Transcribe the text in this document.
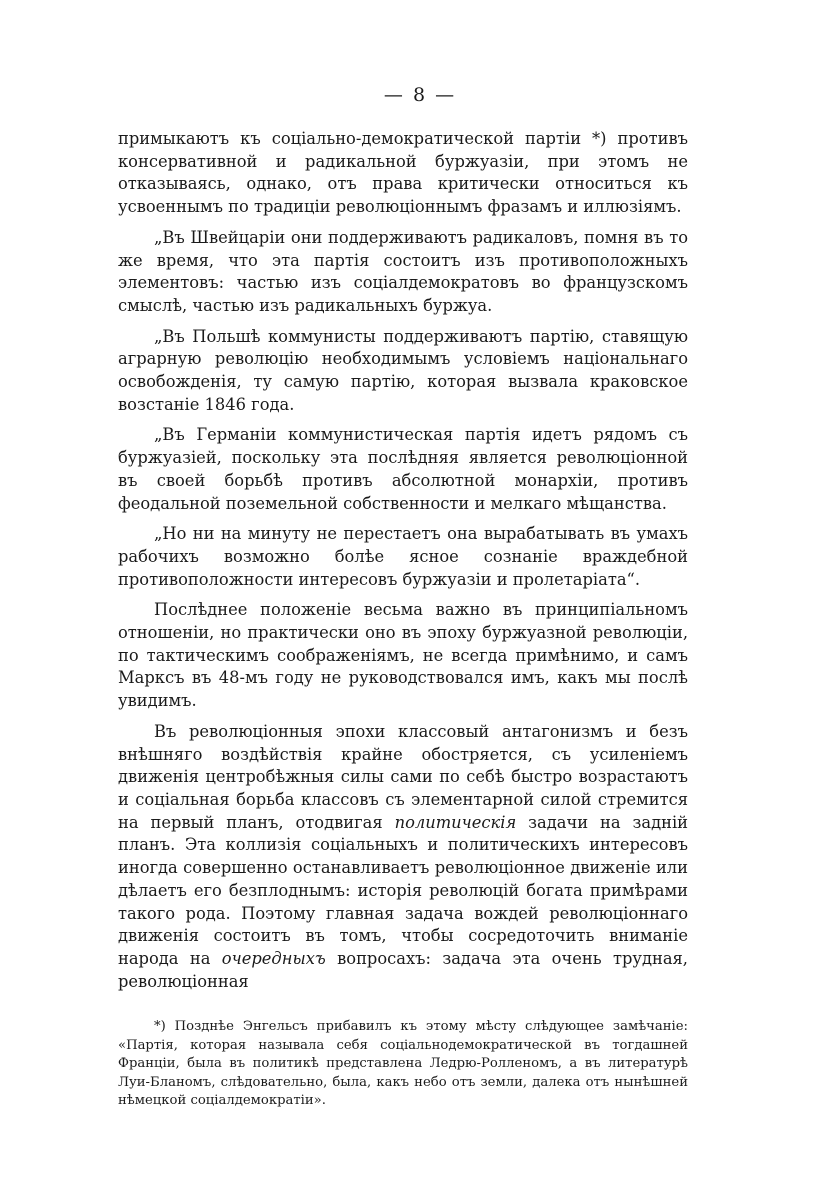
— 8 —

примыкаютъ къ соціально-демократической партіи *) противъ консервативной и радикальной буржуазіи, при этомъ не отказываясь, однако, отъ права критически относиться къ усвоеннымъ по традиціи революціоннымъ фразамъ и иллюзіямъ.

„Въ Швейцаріи они поддерживаютъ радикаловъ, помня въ то же время, что эта партія состоитъ изъ противоположныхъ элементовъ: частью изъ соціалдемократовъ во французскомъ смыслѣ, частью изъ радикальныхъ буржуа.

„Въ Польшѣ коммунисты поддерживаютъ партію, ставящую аграрную революцію необходимымъ условіемъ національнаго освобожденія, ту самую партію, которая вызвала краковское возстаніе 1846 года.

„Въ Германіи коммунистическая партія идетъ рядомъ съ буржуазіей, поскольку эта послѣдняя является революціонной въ своей борьбѣ противъ абсолютной монархіи, противъ феодальной поземельной собственности и мелкаго мѣщанства.

„Но ни на минуту не перестаетъ она вырабатывать въ умахъ рабочихъ возможно болѣе ясное сознаніе враждебной противоположности интересовъ буржуазіи и пролетаріата“.

Послѣднее положеніе весьма важно въ принципіальномъ отношеніи, но практически оно въ эпоху буржуазной революціи, по тактическимъ соображеніямъ, не всегда примѣнимо, и самъ Марксъ въ 48-мъ году не руководствовался имъ, какъ мы послѣ увидимъ.

Въ революціонныя эпохи классовый антагонизмъ и безъ внѣшняго воздѣйствія крайне обостряется, съ усиленіемъ движенія центробѣжныя силы сами по себѣ быстро возрастаютъ и соціальная борьба классовъ съ элементарной силой стремится на первый планъ, отодвигая политическія задачи на задній планъ. Эта коллизія соціальныхъ и политическихъ интересовъ иногда совершенно останавливаетъ революціонное движеніе или дѣлаетъ его безплоднымъ: исторія революцій богата примѣрами такого рода. Поэтому главная задача вождей революціоннаго движенія состоитъ въ томъ, чтобы сосредоточить вниманіе народа на очередныхъ вопросахъ: задача эта очень трудная, революціонная

*) Позднѣе Энгельсъ прибавилъ къ этому мѣсту слѣдующее замѣчаніе: «Партія, которая называла себя соціальнодемократической въ тогдашней Франціи, была въ политикѣ представлена Ледрю-Ролленомъ, а въ литературѣ Луи-Бланомъ, слѣдовательно, была, какъ небо отъ земли, далека отъ нынѣшней нѣмецкой соціалдемократіи».
